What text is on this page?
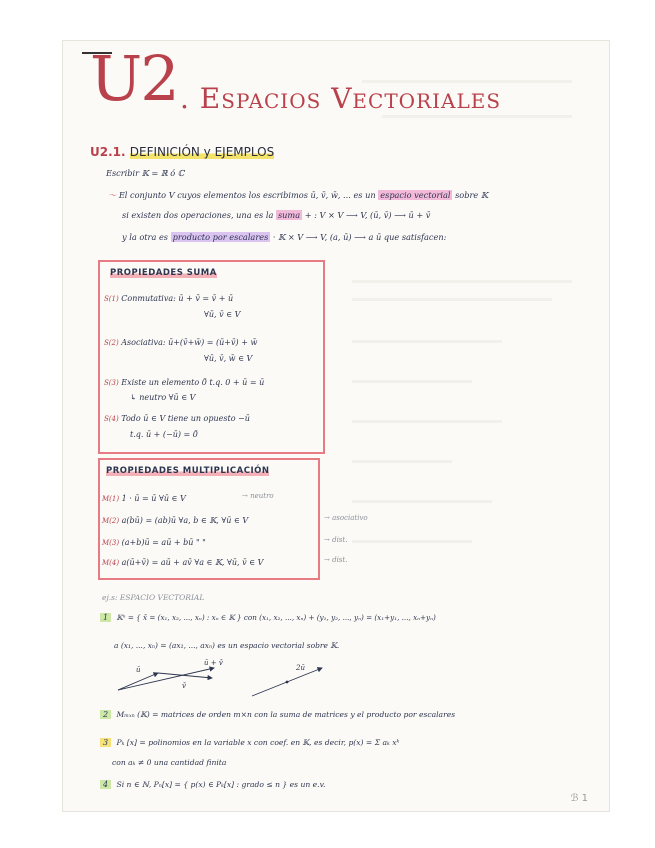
U2 . Espacios Vectoriales
U2.1. DEFINICIÓN y EJEMPLOS
Escribir 𝕂 = ℝ ó ℂ
〜 El conjunto V cuyos elementos los escribimos ū, v̄, w̄, ... es un espacio vectorial sobre 𝕂
si existen dos operaciones, una es la suma + : V × V ⟶ V, (ū, v̄) ⟶ ū + v̄
y la otra es producto por escalares · 𝕂 × V ⟶ V, (a, ū) ⟶ a ū que satisfacen:
PROPIEDADES SUMA
S(1) Conmutativa: ū + v̄ = v̄ + ū
∀ū, v̄ ∈ V
S(2) Asociativa: ū+(v̄+w̄) = (ū+v̄) + w̄
∀ū, v̄, w̄ ∈ V
S(3) Existe un elemento 0̄ t.q. 0 + ū = ū
↳ neutro ∀ū ∈ V
S(4) Todo ū ∈ V tiene un opuesto −ū
t.q. ū + (−ū) = 0̄
PROPIEDADES MULTIPLICACIÓN
M(1) 1 · ū = ū ∀ū ∈ V
M(2) a(bū) = (ab)ū ∀a, b ∈ 𝕂, ∀ū ∈ V
M(3) (a+b)ū = aū + bū " "
M(4) a(ū+v̄) = aū + av̄ ∀a ∈ 𝕂, ∀ū, v̄ ∈ V
→ neutro
→ asociativo
→ dist.
→ dist.
ej.s: ESPACIO VECTORIAL
1 𝕂ⁿ = { x̄ = (x₁, x₂, ..., xₙ) : xₙ ∈ 𝕂 } con (x₁, x₂, ..., xₙ) + (y₁, y₂, ..., yₙ) = (x₁+y₁, ..., xₙ+yₙ)
a (x₁, ..., xₙ) = (ax₁, ..., axₙ) es un espacio vectorial sobre 𝕂.
ū
v̄
ū + v̄
2ū
2 Mₘₓₙ (𝕂) = matrices de orden m×n con la suma de matrices y el producto por escalares
3 Pₖ [x] = polinomios en la variable x con coef. en 𝕂, es decir, p(x) = Σ aₖ xᵏ
con aₖ ≠ 0 una cantidad finita
4 Si n ∈ ℕ, Pₙ[x] = { p(x) ∈ Pₖ[x] : grado ≤ n } es un e.v.
ℬ 1
